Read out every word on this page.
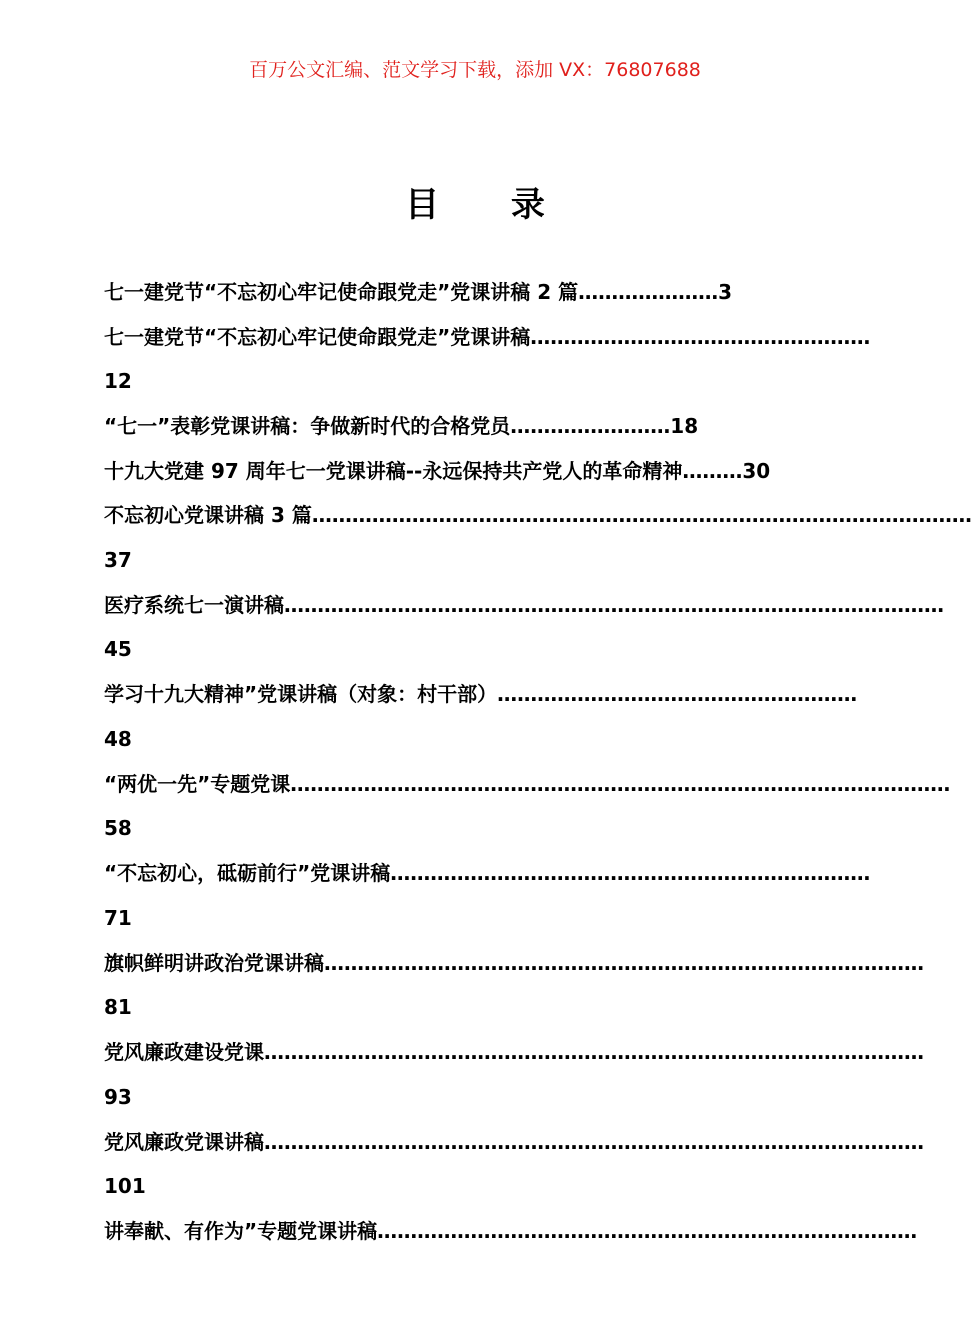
百万公文汇编、范文学习下载，添加 VX：76807688
目 录
七一建党节“不忘初心牢记使命跟党走”党课讲稿 2 篇…………………3
七一建党节“不忘初心牢记使命跟党走”党课讲稿……………………………………………
12
“七一”表彰党课讲稿：争做新时代的合格党员……………………18
十九大党建 97 周年七一党课讲稿--永远保持共产党人的革命精神………30
不忘初心党课讲稿 3 篇………………………………………………………………………………………
37
医疗系统七一演讲稿………………………………………………………………………………………
45
学习十九大精神”党课讲稿（对象：村干部）………………………………………………
48
“两优一先”专题党课………………………………………………………………………………………
58
“不忘初心，砥砺前行”党课讲稿………………………………………………………………
71
旗帜鲜明讲政治党课讲稿………………………………………………………………………………
81
党风廉政建设党课………………………………………………………………………………………
93
党风廉政党课讲稿………………………………………………………………………………………
101
讲奉献、有作为”专题党课讲稿………………………………………………………………………
